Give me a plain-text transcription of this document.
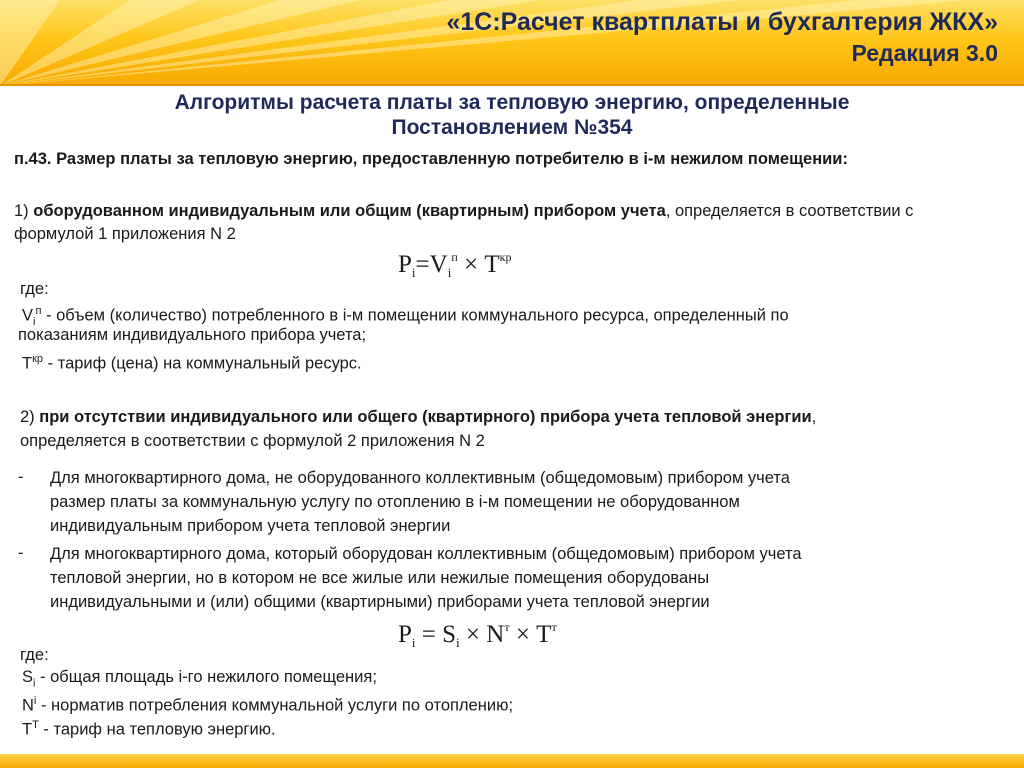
«1С:Расчет квартплаты и бухгалтерия ЖКХ»
Редакция 3.0
Алгоритмы расчета платы за тепловую энергию, определенные
Постановлением №354
п.43. Размер платы за тепловую энергию, предоставленную потребителю в i-м нежилом помещении:
1) оборудованном индивидуальным или общим (квартирным) прибором учета, определяется в соответствии с формулой 1 приложения N 2
$P_i=V_i^п \times T^{кр}$
где:
$V_i^п$ - объем (количество) потребленного в i-м помещении коммунального ресурса, определенный по
показаниям индивидуального прибора учета;
$T^{кр}$ - тариф (цена) на коммунальный ресурс.
2) при отсутствии индивидуального или общего (квартирного) прибора учета тепловой энергии,
определяется в соответствии с формулой 2 приложения N 2
- Для многоквартирного дома, не оборудованного коллективным (общедомовым) прибором учета
размер платы за коммунальную услугу по отоплению в i-м помещении не оборудованном
индивидуальным прибором учета тепловой энергии
- Для многоквартирного дома, который оборудован коллективным (общедомовым) прибором учета
тепловой энергии, но в котором не все жилые или нежилые помещения оборудованы
индивидуальными и (или) общими (квартирными) приборами учета тепловой энергии
$P_i = S_i \times N^т \times T^т$
где:
$S_i$ - общая площадь i-го нежилого помещения;
$N^i$ - норматив потребления коммунальной услуги по отоплению;
$T^Т$ - тариф на тепловую энергию.
